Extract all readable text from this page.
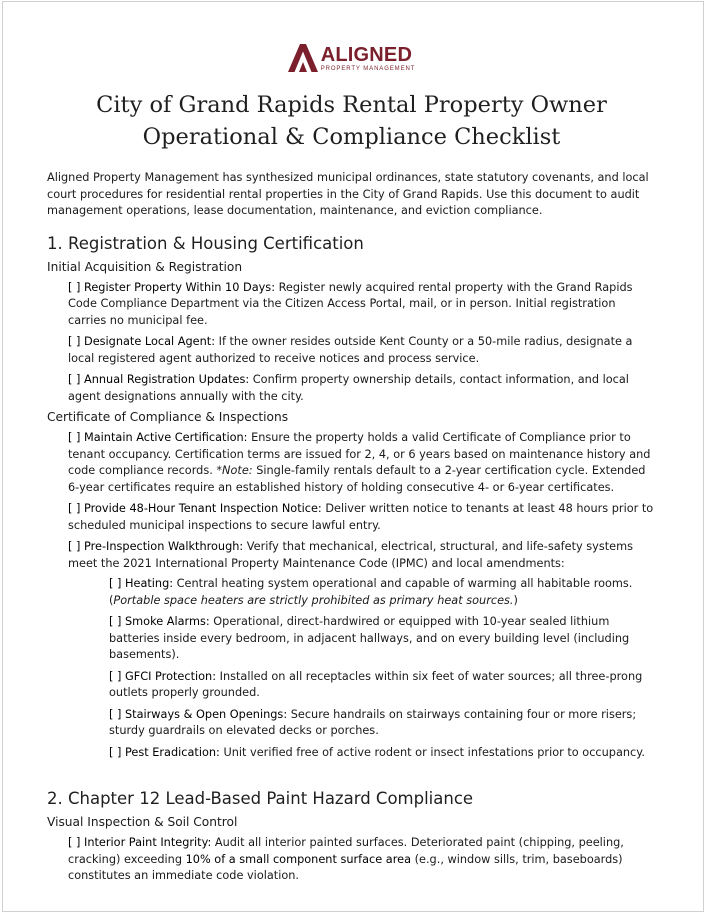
ALIGNED
PROPERTY MANAGEMENT
City of Grand Rapids Rental Property Owner
Operational & Compliance Checklist

Aligned Property Management has synthesized municipal ordinances, state statutory covenants, and local court procedures for residential rental properties in the City of Grand Rapids. Use this document to audit management operations, lease documentation, maintenance, and eviction compliance.

1. Registration & Housing Certification
Initial Acquisition & Registration

[ ] Register Property Within 10 Days: Register newly acquired rental property with the Grand Rapids Code Compliance Department via the Citizen Access Portal, mail, or in person. Initial registration carries no municipal fee.

[ ] Designate Local Agent: If the owner resides outside Kent County or a 50-mile radius, designate a local registered agent authorized to receive notices and process service.

[ ] Annual Registration Updates: Confirm property ownership details, contact information, and local agent designations annually with the city.

Certificate of Compliance & Inspections

[ ] Maintain Active Certification: Ensure the property holds a valid Certificate of Compliance prior to tenant occupancy. Certification terms are issued for 2, 4, or 6 years based on maintenance history and code compliance records. *Note: Single-family rentals default to a 2-year certification cycle. Extended 6-year certificates require an established history of holding consecutive 4- or 6-year certificates.

[ ] Provide 48-Hour Tenant Inspection Notice: Deliver written notice to tenants at least 48 hours prior to scheduled municipal inspections to secure lawful entry.

[ ] Pre-Inspection Walkthrough: Verify that mechanical, electrical, structural, and life-safety systems meet the 2021 International Property Maintenance Code (IPMC) and local amendments:

[ ] Heating: Central heating system operational and capable of warming all habitable rooms. (Portable space heaters are strictly prohibited as primary heat sources.)

[ ] Smoke Alarms: Operational, direct-hardwired or equipped with 10-year sealed lithium batteries inside every bedroom, in adjacent hallways, and on every building level (including basements).

[ ] GFCI Protection: Installed on all receptacles within six feet of water sources; all three-prong outlets properly grounded.

[ ] Stairways & Open Openings: Secure handrails on stairways containing four or more risers; sturdy guardrails on elevated decks or porches.

[ ] Pest Eradication: Unit verified free of active rodent or insect infestations prior to occupancy.

2. Chapter 12 Lead-Based Paint Hazard Compliance
Visual Inspection & Soil Control

[ ] Interior Paint Integrity: Audit all interior painted surfaces. Deteriorated paint (chipping, peeling, cracking) exceeding 10% of a small component surface area (e.g., window sills, trim, baseboards) constitutes an immediate code violation.
